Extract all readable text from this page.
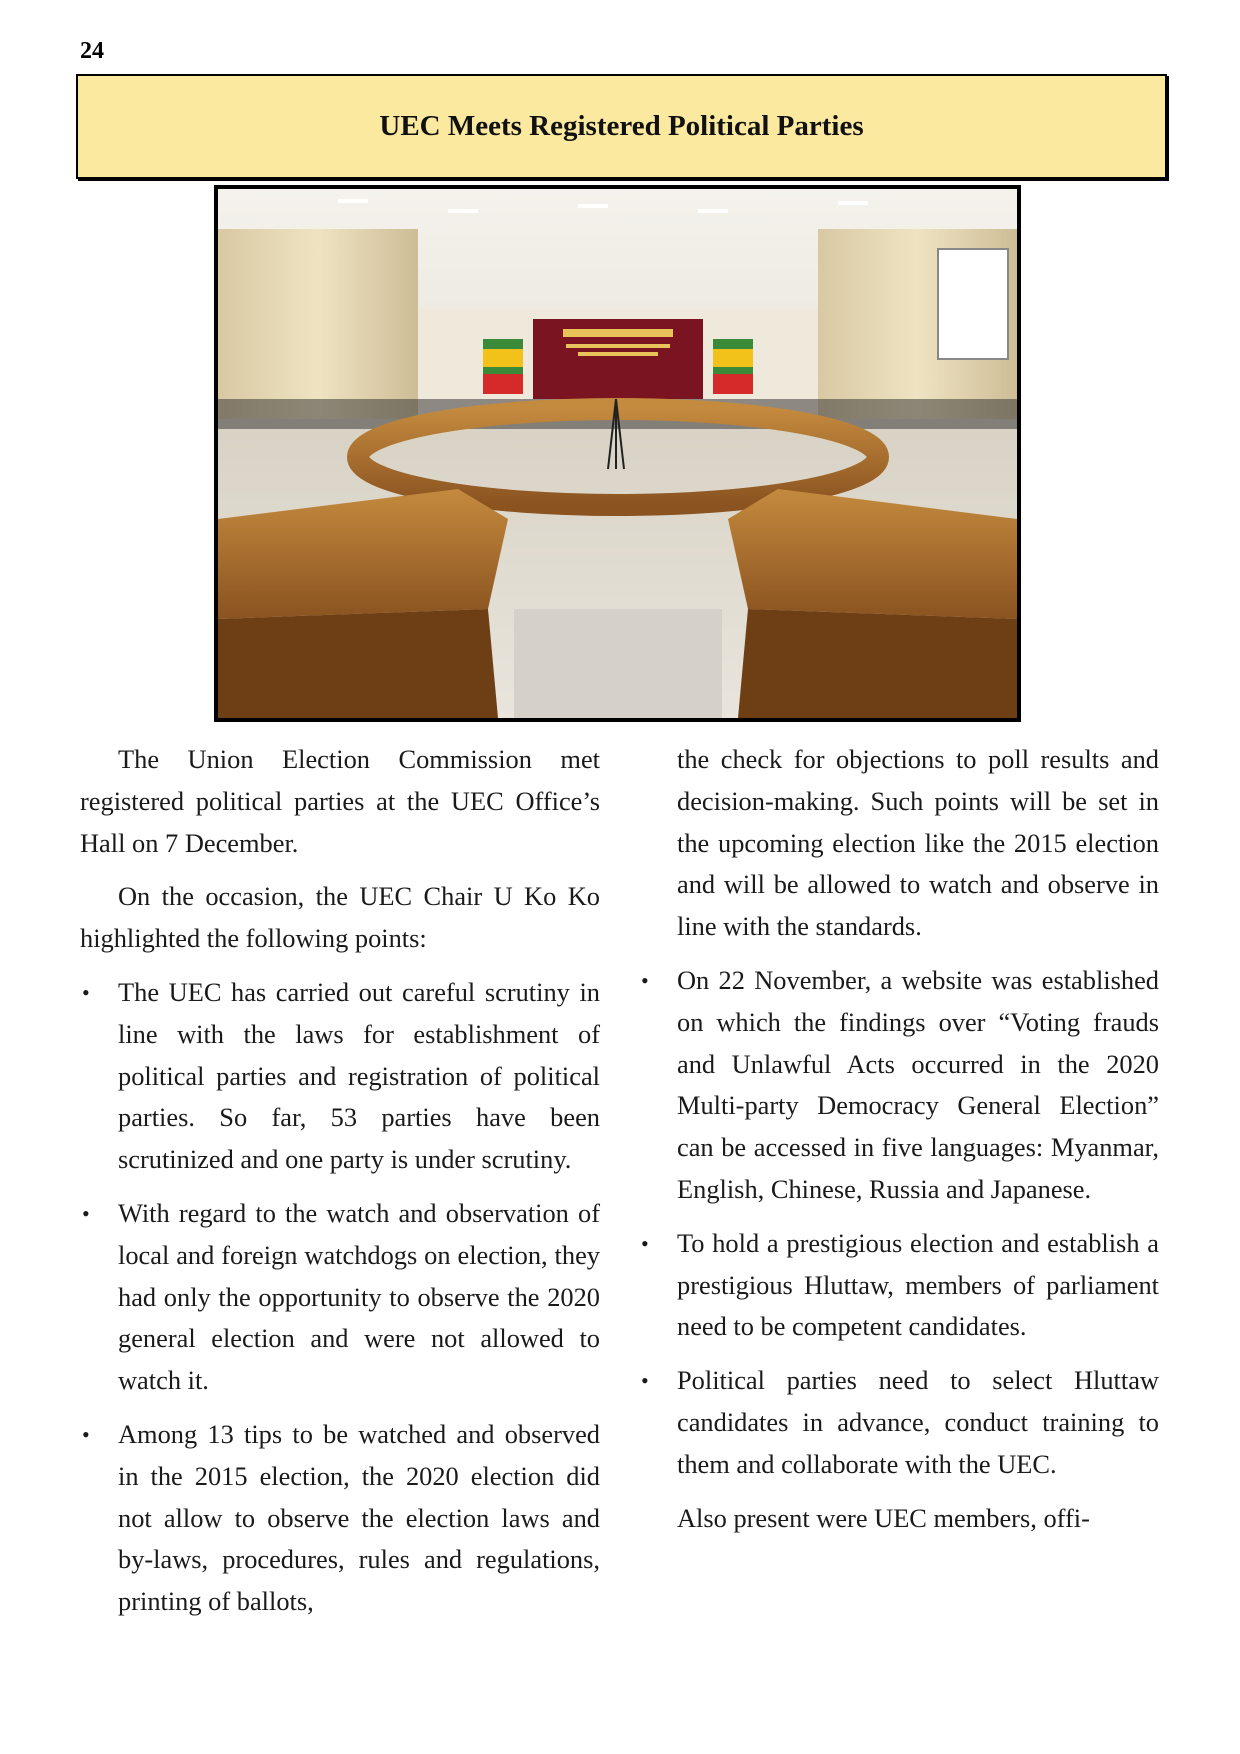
24
UEC Meets Registered Political Parties

The Union Election Commission met registered political parties at the UEC Office’s Hall on 7 December.

On the occasion, the UEC Chair U Ko Ko highlighted the following points:

• The UEC has carried out careful scrutiny in line with the laws for establishment of political parties and registration of political parties. So far, 53 parties have been scrutinized and one party is under scrutiny.
• With regard to the watch and observation of local and foreign watchdogs on election, they had only the opportunity to observe the 2020 general election and were not allowed to watch it.
• Among 13 tips to be watched and observed in the 2015 election, the 2020 election did not allow to observe the election laws and by-laws, procedures, rules and regulations, printing of ballots,

the check for objections to poll results and decision-making. Such points will be set in the upcoming election like the 2015 election and will be allowed to watch and observe in line with the standards.

• On 22 November, a website was established on which the findings over “Voting frauds and Unlawful Acts occurred in the 2020 Multi-party Democracy General Election” can be accessed in five languages: Myanmar, English, Chinese, Russia and Japanese.
• To hold a prestigious election and establish a prestigious Hluttaw, members of parliament need to be competent candidates.
• Political parties need to select Hluttaw candidates in advance, conduct training to them and collaborate with the UEC.

Also present were UEC members, offi-
